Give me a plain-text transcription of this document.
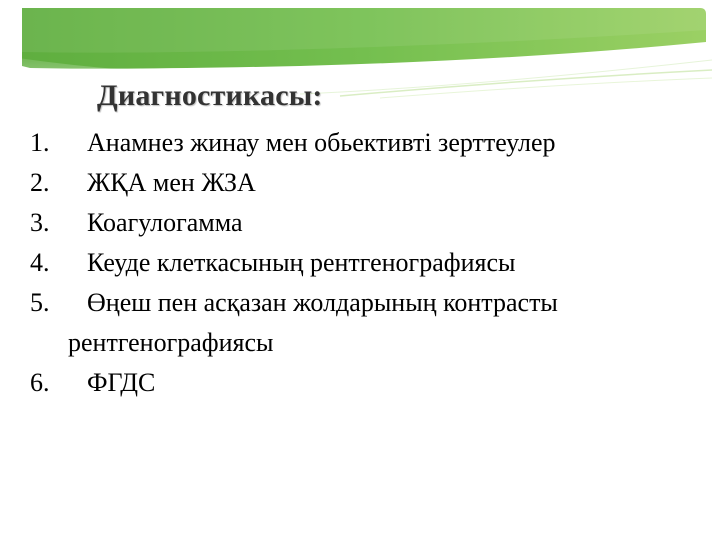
Диагностикасы:
1.	Анамнез жинау мен обьективті зерттеулер
2.	ЖҚА мен ЖЗА
3.	Коагулогамма
4.	Кеуде клеткасының рентгенографиясы
5.	Өңеш пен асқазан жолдарының контрасты
рентгенографиясы
6.	ФГДС
